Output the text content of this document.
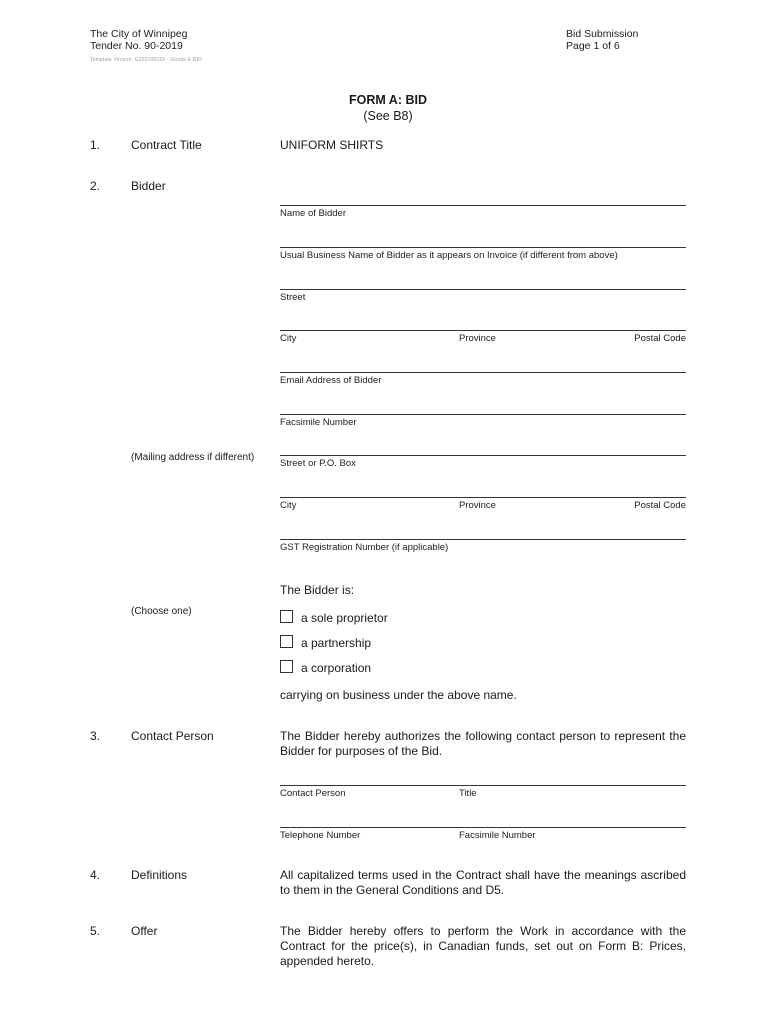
The City of Winnipeg
Tender No. 90-2019
Template Version: G220190115 - Goods E-BID
Bid Submission
Page 1 of 6
FORM A: BID
(See B8)
1.	Contract Title	UNIFORM SHIRTS
2.	Bidder
Name of Bidder
Usual Business Name of Bidder as it appears on Invoice (if different from above)
Street
City	Province	Postal Code
Email Address of Bidder
Facsimile Number
(Mailing address if different)
Street or P.O. Box
City	Province	Postal Code
GST Registration Number (if applicable)
The Bidder is:
(Choose one)	a sole proprietor
a partnership
a corporation
carrying on business under the above name.
3.	Contact Person	The Bidder hereby authorizes the following contact person to represent the Bidder for purposes of the Bid.
Contact Person	Title
Telephone Number	Facsimile Number
4.	Definitions	All capitalized terms used in the Contract shall have the meanings ascribed to them in the General Conditions and D5.
5.	Offer	The Bidder hereby offers to perform the Work in accordance with the Contract for the price(s), in Canadian funds, set out on Form B: Prices, appended hereto.
